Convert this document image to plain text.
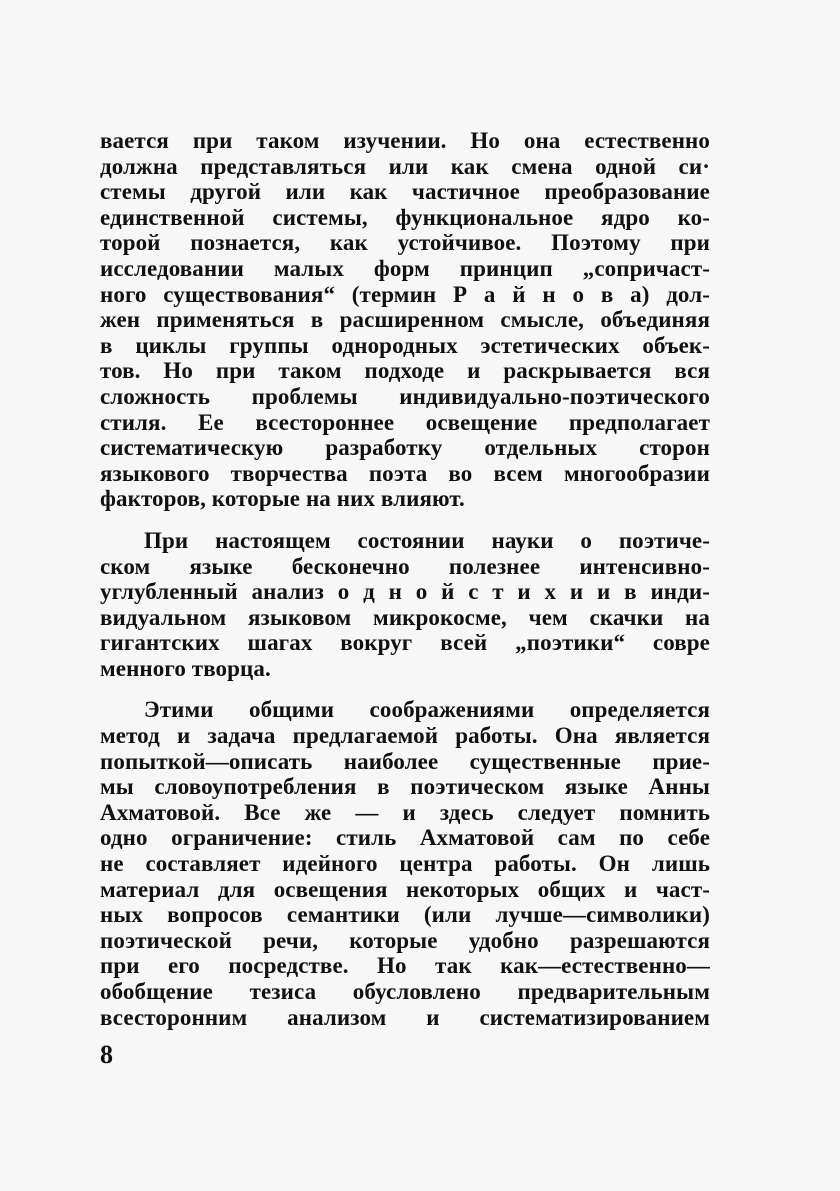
вается при таком изучении. Но она естественно
должна представляться или как смена одной си·
стемы другой или как частичное преобразование
единственной системы, функциональное ядро ко-
торой познается, как устойчивое. Поэтому при
исследовании малых форм принцип „сопричаст-
ного существования“ (термин Р а й н о в а) дол-
жен применяться в расширенном смысле, объединяя
в циклы группы однородных эстетических объек-
тов. Но при таком подходе и раскрывается вся
сложность проблемы индивидуально-поэтического
стиля. Ее всестороннее освещение предполагает
систематическую разработку отдельных сторон
языкового творчества поэта во всем многообразии
факторов, которые на них влияют.
При настоящем состоянии науки о поэтиче-
ском языке бесконечно полезнее интенсивно-
углубленный анализ о д н о й с т и х и и в инди-
видуальном языковом микрокосме, чем скачки на
гигантских шагах вокруг всей „поэтики“ совре
менного творца.
Этими общими соображениями определяется
метод и задача предлагаемой работы. Она является
попыткой—описать наиболее существенные прие-
мы словоупотребления в поэтическом языке Анны
Ахматовой. Все же — и здесь следует помнить
одно ограничение: стиль Ахматовой сам по себе
не составляет идейного центра работы. Он лишь
материал для освещения некоторых общих и част-
ных вопросов семантики (или лучше—символики)
поэтической речи, которые удобно разрешаются
при его посредстве. Но так как—естественно—
обобщение тезиса обусловлено предварительным
всесторонним анализом и систематизированием
8
